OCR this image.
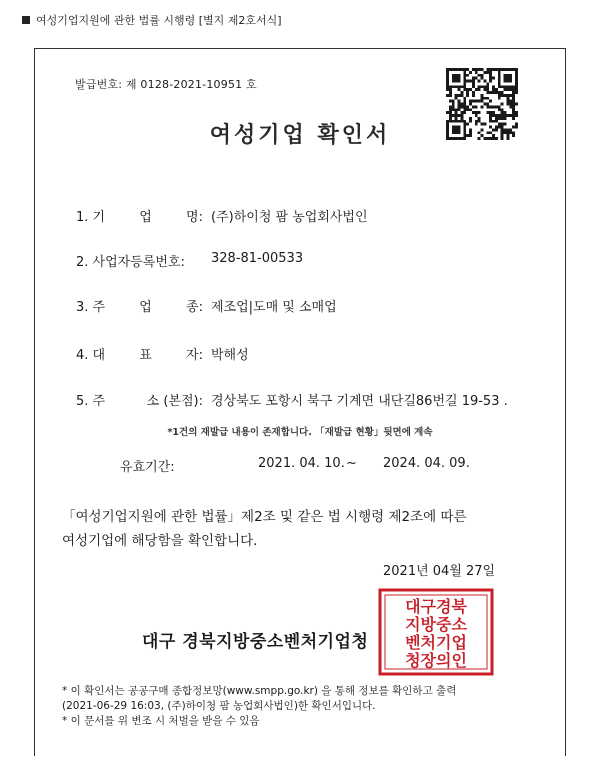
여성기업지원에 관한 법률 시행령 [별지 제2호서식]
발급번호: 제 0128-2021-10951 호
여성기업 확인서
1. 기	업	명: (주)하이청 팜 농업회사법인
2. 사업자등록번호: 328-81-00533
3. 주	업	종: 제조업|도매 및 소매업
4. 대	표	자: 박해성
5. 주	소 (본점): 경상북도 포항시 북구 기계면 내단길86번길 19-53 .
*1건의 재발급 내용이 존재합니다. 「재발급 현황」뒷면에 계속
유효기간:	2021. 04. 10. ~ 2024. 04. 09.
「여성기업지원에 관한 법률」제2조 및 같은 법 시행령 제2조에 따른
여성기업에 해당함을 확인합니다.
2021년 04월 27일
대구 경북지방중소벤처기업청
대구경북
지방중소
벤처기업
청장의인
* 이 확인서는 공공구매 종합정보망(www.smpp.go.kr) 을 통해 정보를 확인하고 출력
(2021-06-29 16:03, (주)하이청 팜 농업회사법인)한 확인서입니다.
* 이 문서를 위 변조 시 처벌을 받을 수 있음
